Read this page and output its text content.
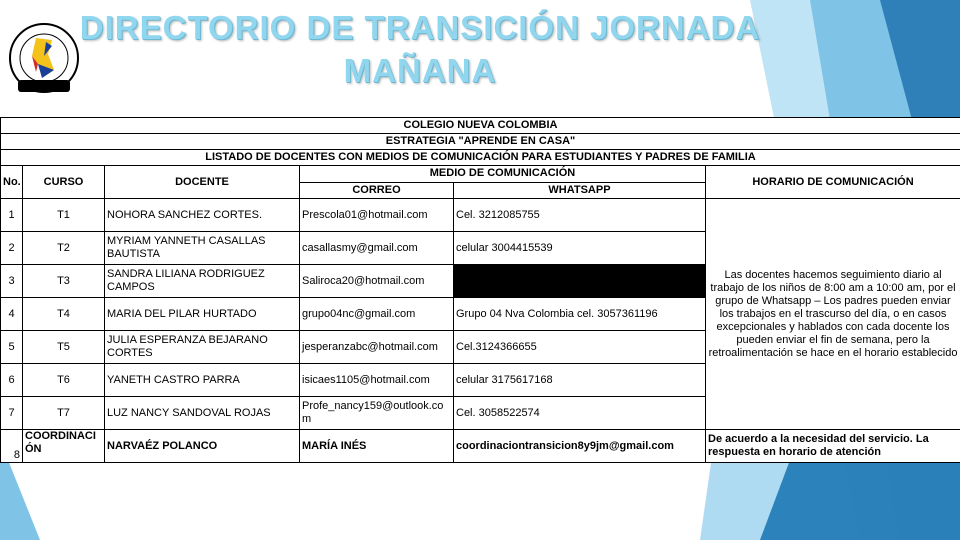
DIRECTORIO DE TRANSICIÓN JORNADA
MAÑANA
COLEGIO NUEVA COLOMBIA					
ESTRATEGIA "APRENDE EN CASA"					
LISTADO DE DOCENTES CON MEDIOS DE COMUNICACIÓN PARA ESTUDIANTES Y PADRES DE FAMILIA					
No.	CURSO	DOCENTE	MEDIO DE COMUNICACIÓN		HORARIO DE COMUNICACIÓN
			CORREO	WHATSAPP	
1	T1	NOHORA SANCHEZ CORTES.	Prescola01@hotmail.com	Cel. 3212085755	Las docentes hacemos seguimiento diario al trabajo de los niños de 8:00 am a 10:00 am, por el grupo de Whatsapp – Los padres pueden enviar los trabajos en el trascurso del día, o en casos excepcionales y hablados con cada docente los pueden enviar el fin de semana, pero la retroalimentación se hace en el horario establecido
2	T2	MYRIAM YANNETH CASALLAS BAUTISTA	casallasmy@gmail.com	celular 3004415539	
3	T3	SANDRA LILIANA RODRIGUEZ CAMPOS	Saliroca20@hotmail.com		
4	T4	MARIA DEL PILAR HURTADO	grupo04nc@gmail.com	Grupo 04 Nva Colombia cel. 3057361196	
5	T5	JULIA ESPERANZA BEJARANO CORTES	jesperanzabc@hotmail.com	Cel.3124366655	
6	T6	YANETH CASTRO PARRA	isicaes1105@hotmail.com	celular 3175617168	
7	T7	LUZ NANCY SANDOVAL ROJAS	Profe_nancy159@outlook.com	Cel. 3058522574	
8	COORDINACIÓN	NARVAÉZ POLANCO	MARÍA INÉS	coordinaciontransicion8y9jm@gmail.com	De acuerdo a la necesidad del servicio. La respuesta en horario de atención
